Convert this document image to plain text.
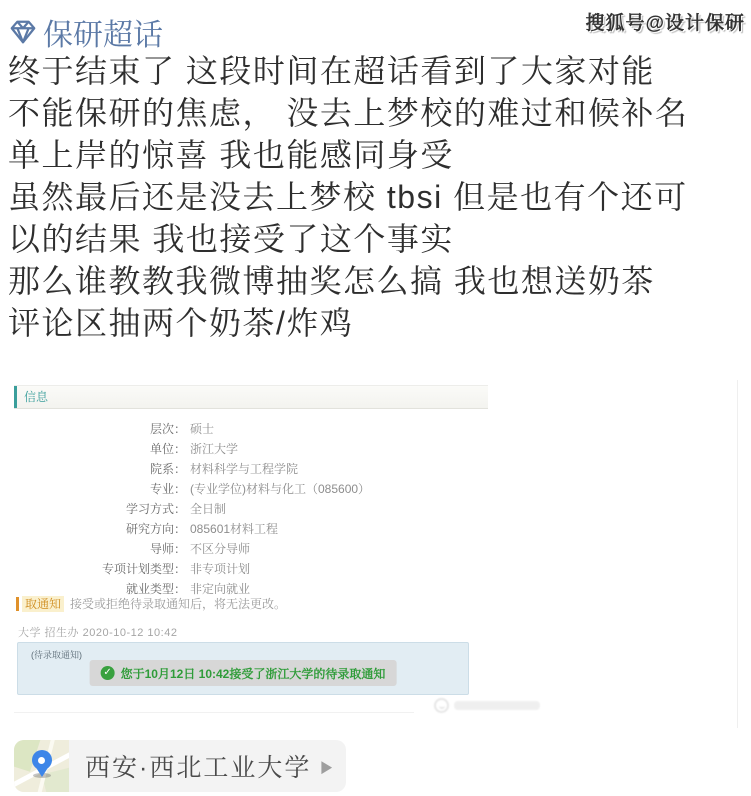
保研超话	搜狐号@设计保研
终于结束了 这段时间在超话看到了大家对能
不能保研的焦虑， 没去上梦校的难过和候补名
单上岸的惊喜 我也能感同身受
虽然最后还是没去上梦校 tbsi 但是也有个还可
以的结果 我也接受了这个事实
那么谁教教我微博抽奖怎么搞 我也想送奶茶
评论区抽两个奶茶/炸鸡
信息
层次： 硕士
单位： 浙江大学
院系： 材料科学与工程学院
专业： (专业学位)材料与化工（085600）
学习方式： 全日制
研究方向： 085601材料工程
导师： 不区分导师
专项计划类型： 非专项计划
就业类型： 非定向就业
取通知 接受或拒绝待录取通知后，将无法更改。
大学 招生办 2020-10-12 10:42
(待录取通知)
✓ 您于10月12日 10:42接受了浙江大学的待录取通知
西安·西北工业大学 ▶
